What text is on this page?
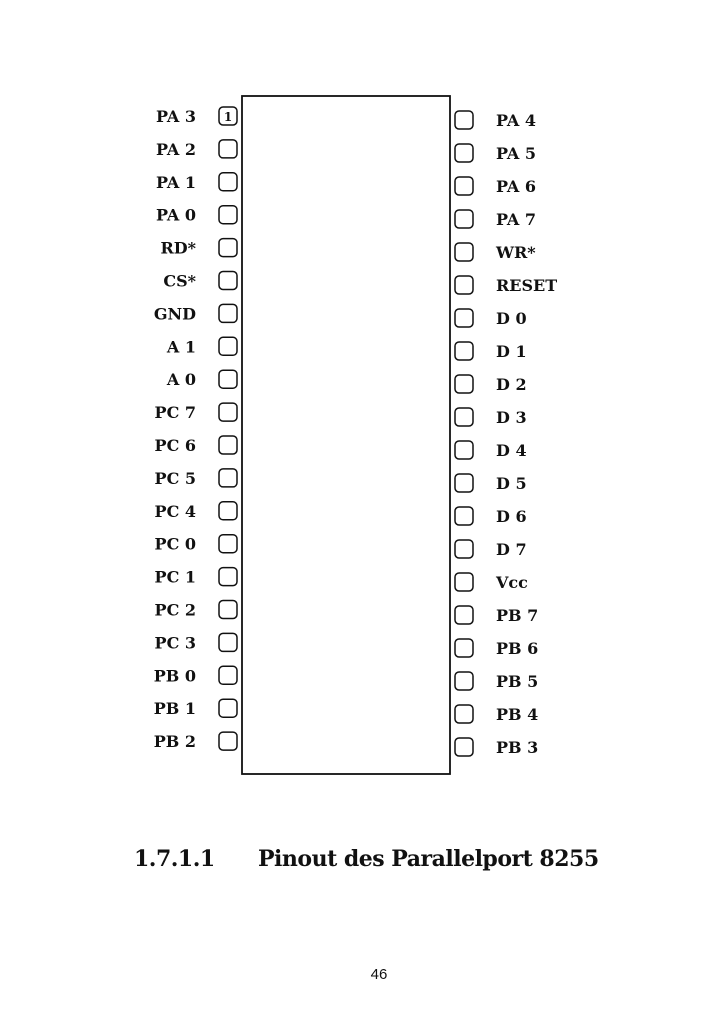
PA 3 1
PA 2
PA 1
PA 0
RD*
CS*
GND
A 1
A 0
PC 7
PC 6
PC 5
PC 4
PC 0
PC 1
PC 2
PC 3
PB 0
PB 1
PB 2
PA 4
PA 5
PA 6
PA 7
WR*
RESET
D 0
D 1
D 2
D 3
D 4
D 5
D 6
D 7
Vcc
PB 7
PB 6
PB 5
PB 4
PB 3
1.7.1.1 Pinout des Parallelport 8255
46
